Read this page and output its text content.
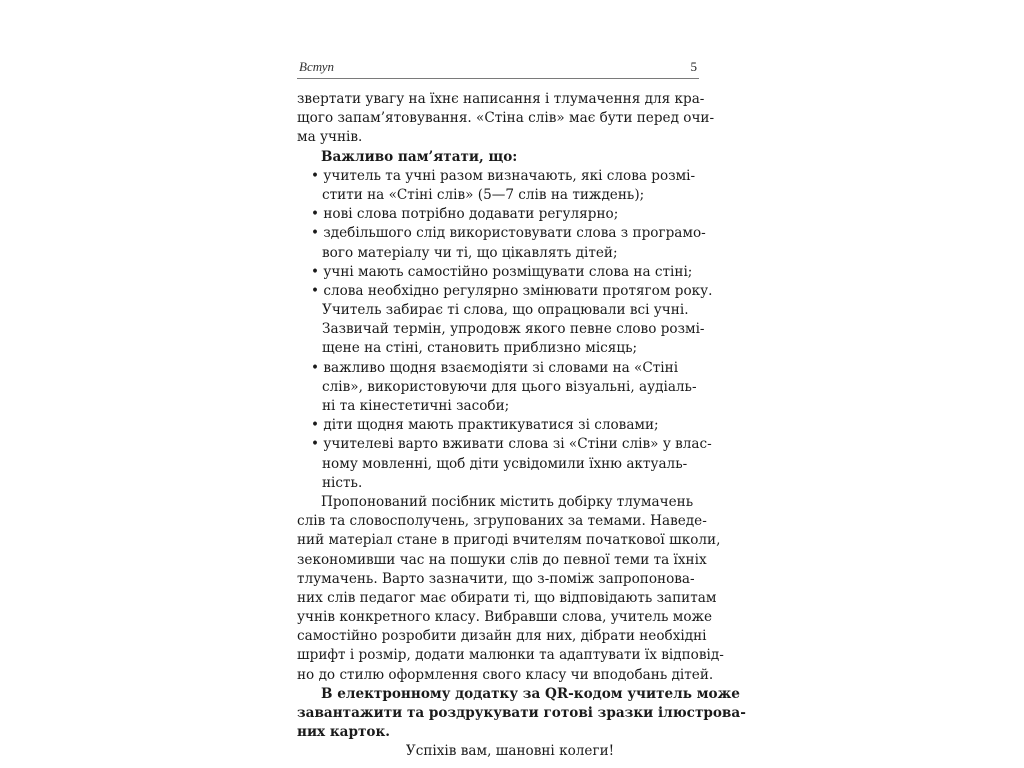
Вступ	5
звертати увагу на їхнє написання і тлумачення для кра-
щого запам’ятовування. «Стіна слів» має бути перед очи-
ма учнів.
Важливо пам’ятати, що:
• учитель та учні разом визначають, які слова розмі-
стити на «Стіні слів» (5—7 слів на тиждень);
• нові слова потрібно додавати регулярно;
• здебільшого слід використовувати слова з програмо-
вого матеріалу чи ті, що цікавлять дітей;
• учні мають самостійно розміщувати слова на стіні;
• слова необхідно регулярно змінювати протягом року.
Учитель забирає ті слова, що опрацювали всі учні.
Зазвичай термін, упродовж якого певне слово розмі-
щене на стіні, становить приблизно місяць;
• важливо щодня взаємодіяти зі словами на «Стіні
слів», використовуючи для цього візуальні, аудіаль-
ні та кінестетичні засоби;
• діти щодня мають практикуватися зі словами;
• учителеві варто вживати слова зі «Стіни слів» у влас-
ному мовленні, щоб діти усвідомили їхню актуаль-
ність.
Пропонований посібник містить добірку тлумачень
слів та словосполучень, згрупованих за темами. Наведе-
ний матеріал стане в пригоді вчителям початкової школи,
зекономивши час на пошуки слів до певної теми та їхніх
тлумачень. Варто зазначити, що з-поміж запропонова-
них слів педагог має обирати ті, що відповідають запитам
учнів конкретного класу. Вибравши слова, учитель може
самостійно розробити дизайн для них, дібрати необхідні
шрифт і розмір, додати малюнки та адаптувати їх відповід-
но до стилю оформлення свого класу чи вподобань дітей.
В електронному додатку за QR-кодом учитель може
завантажити та роздрукувати готові зразки ілюстрова-
них карток.
Успіхів вам, шановні колеги!
